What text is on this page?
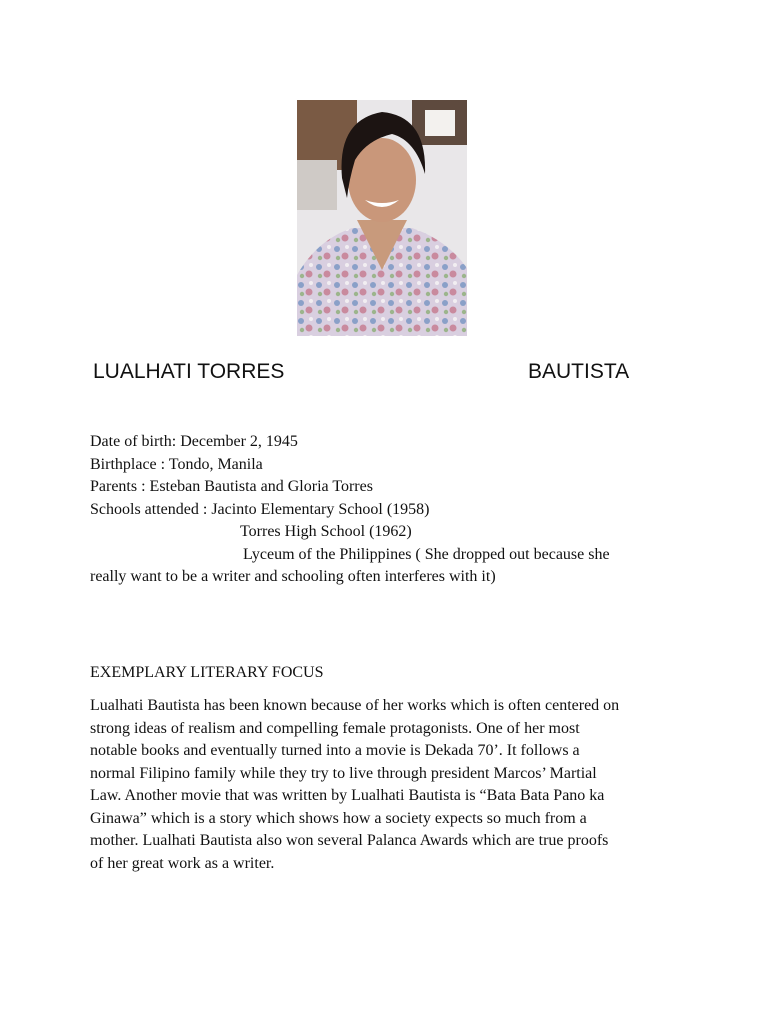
LUALHATI TORRES	BAUTISTA
Date of birth: December 2, 1945
Birthplace : Tondo, Manila
Parents : Esteban Bautista and Gloria Torres
Schools attended : Jacinto Elementary School (1958)
Torres High School (1962)
Lyceum of the Philippines ( She dropped out because she
really want to be a writer and schooling often interferes with it)
EXEMPLARY LITERARY FOCUS
Lualhati Bautista has been known because of her works which is often centered on
strong ideas of realism and compelling female protagonists. One of her most
notable books and eventually turned into a movie is Dekada 70’. It follows a
normal Filipino family while they try to live through president Marcos’ Martial
Law. Another movie that was written by Lualhati Bautista is “Bata Bata Pano ka
Ginawa” which is a story which shows how a society expects so much from a
mother. Lualhati Bautista also won several Palanca Awards which are true proofs
of her great work as a writer.
